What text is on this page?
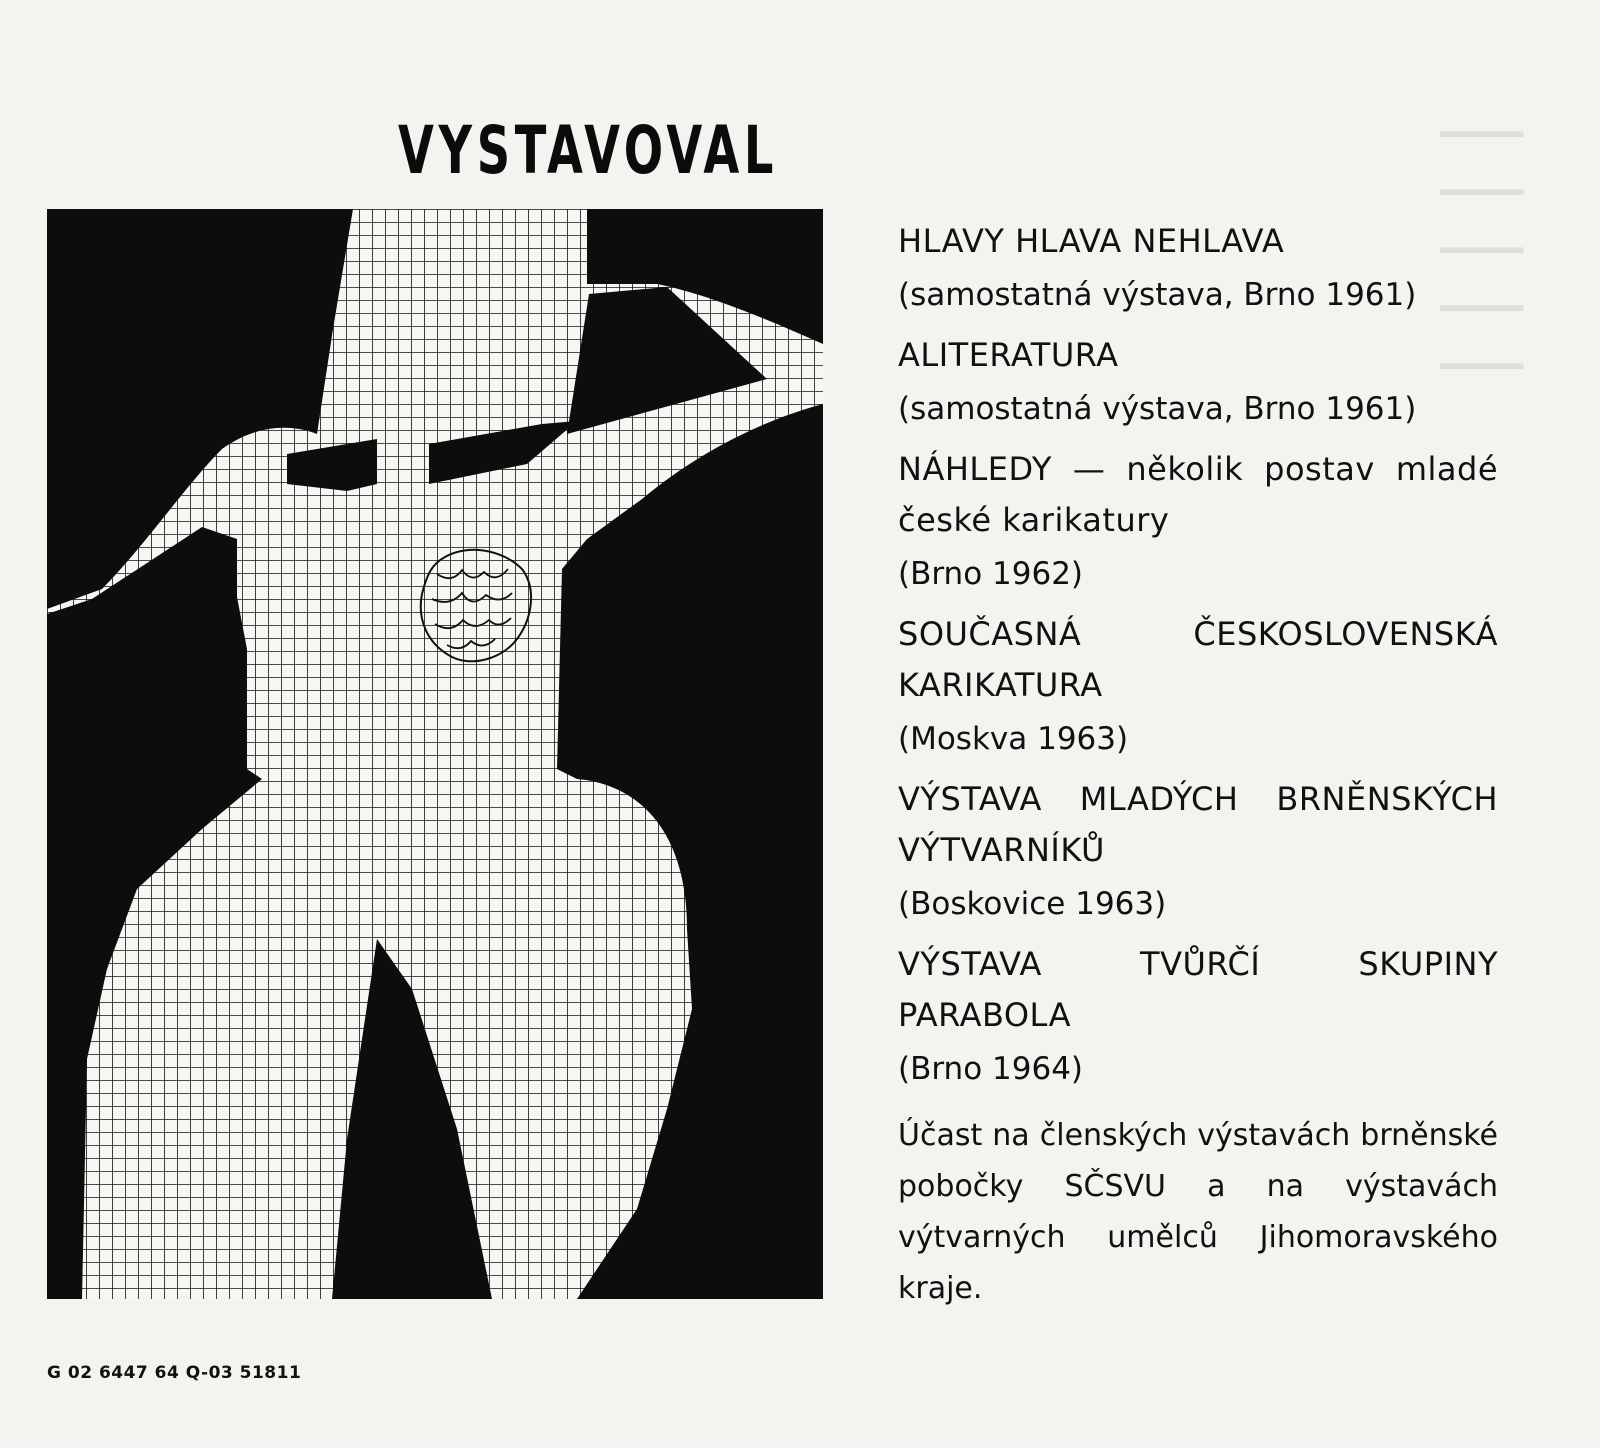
▔▔▔
▔▔▔
▔▔▔
▔▔▔
▔▔▔
VYSTAVOVAL
HLAVY HLAVA NEHLAVA
(samostatná výstava, Brno 1961)
ALITERATURA
(samostatná výstava, Brno 1961)
NÁHLEDY — několik postav mladé české karikatury
(Brno 1962)
SOUČASNÁ ČESKOSLOVENSKÁ KARIKATURA
(Moskva 1963)
VÝSTAVA MLADÝCH BRNĚNSKÝCH VÝTVARNÍKŮ
(Boskovice 1963)
VÝSTAVA TVŮRČÍ SKUPINY PARABOLA
(Brno 1964)

Účast na členských výstavách brněnské pobočky SČSVU a na výstavách výtvarných umělců Jihomoravského kraje.

G 02 6447 64 Q-03 51811
